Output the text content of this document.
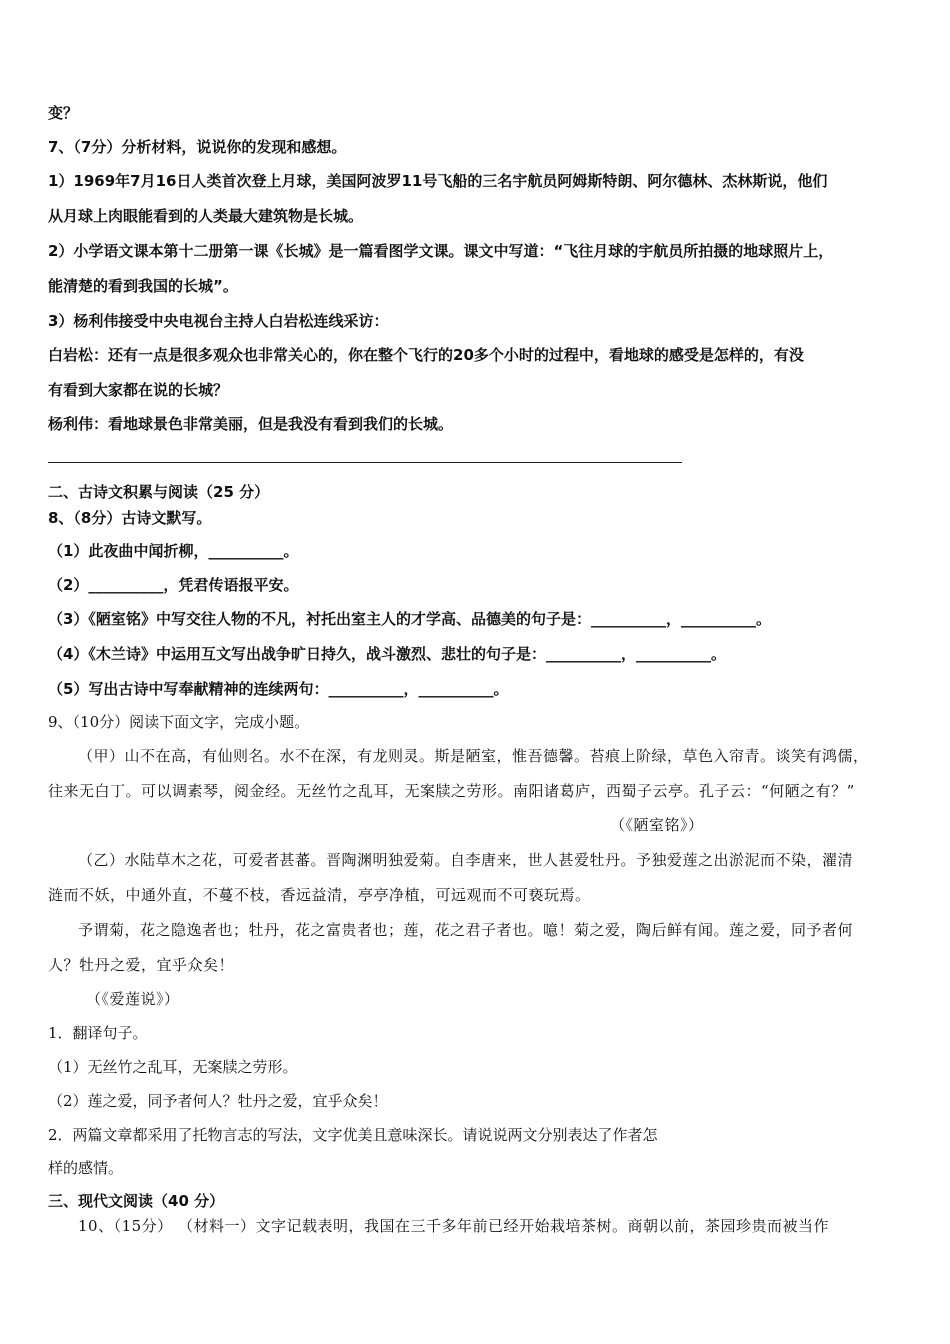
变？
7、（7分）分析材料，说说你的发现和感想。
1）1969年7月16日人类首次登上月球，美国阿波罗11号飞船的三名宇航员阿姆斯特朗、阿尔德林、杰林斯说，他们
从月球上肉眼能看到的人类最大建筑物是长城。
2）小学语文课本第十二册第一课《长城》是一篇看图学文课。课文中写道：“飞往月球的宇航员所拍摄的地球照片上，
能清楚的看到我国的长城”。
3）杨利伟接受中央电视台主持人白岩松连线采访：
白岩松：还有一点是很多观众也非常关心的，你在整个飞行的20多个小时的过程中，看地球的感受是怎样的，有没
有看到大家都在说的长城？
杨利伟：看地球景色非常美丽，但是我没有看到我们的长城。
二、古诗文积累与阅读（25 分）
8、（8分）古诗文默写。
（1）此夜曲中闻折柳，__________。
（2）__________，凭君传语报平安。
（3）《陋室铭》中写交往人物的不凡，衬托出室主人的才学高、品德美的句子是：__________，__________。
（4）《木兰诗》中运用互文写出战争旷日持久，战斗激烈、悲壮的句子是：__________，__________。
（5）写出古诗中写奉献精神的连续两句：__________，__________。
9、（10分）阅读下面文字，完成小题。
（甲）山不在高，有仙则名。水不在深，有龙则灵。斯是陋室，惟吾德馨。苔痕上阶绿，草色入帘青。谈笑有鸿儒，
往来无白丁。可以调素琴，阅金经。无丝竹之乱耳，无案牍之劳形。南阳诸葛庐，西蜀子云亭。孔子云：“何陋之有？”
（《陋室铭》）
（乙）水陆草木之花，可爱者甚蕃。晋陶渊明独爱菊。自李唐来，世人甚爱牡丹。予独爱莲之出淤泥而不染，濯清
涟而不妖，中通外直，不蔓不枝，香远益清，亭亭净植，可远观而不可亵玩焉。
予谓菊，花之隐逸者也；牡丹，花之富贵者也；莲，花之君子者也。噫！菊之爱，陶后鲜有闻。莲之爱，同予者何
人？牡丹之爱，宜乎众矣！
（《爱莲说》）
1．翻译句子。
（1）无丝竹之乱耳，无案牍之劳形。
（2）莲之爱，同予者何人？牡丹之爱，宜乎众矣！
2．两篇文章都采用了托物言志的写法，文字优美且意味深长。请说说两文分别表达了作者怎
样的感情。
三、现代文阅读（40 分）
10、（15分） （材料一）文字记载表明，我国在三千多年前已经开始栽培茶树。商朝以前，茶园珍贵而被当作
